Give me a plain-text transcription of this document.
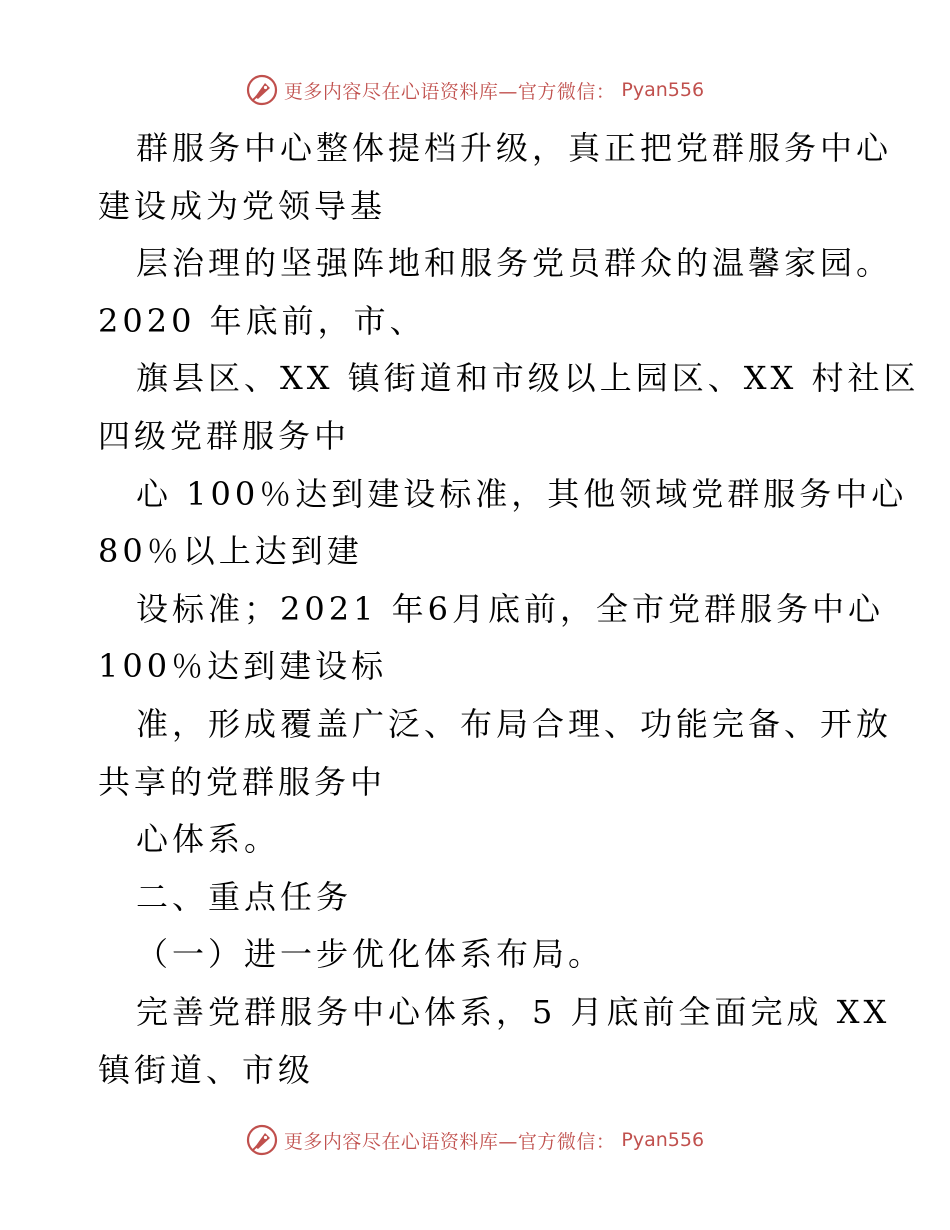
更多内容尽在心语资料库—官方微信： Pyan556
群服务中心整体提档升级，真正把党群服务中心
建设成为党领导基
层治理的坚强阵地和服务党员群众的温馨家园。
2020 年底前，市、
旗县区、XX 镇街道和市级以上园区、XX 村社区
四级党群服务中
心 100％达到建设标准，其他领域党群服务中心
80％以上达到建
设标准；2021 年6月底前，全市党群服务中心
100％达到建设标
准，形成覆盖广泛、布局合理、功能完备、开放
共享的党群服务中
心体系。
二、重点任务
（一）进一步优化体系布局。
完善党群服务中心体系，5 月底前全面完成 XX
镇街道、市级
更多内容尽在心语资料库—官方微信： Pyan556
